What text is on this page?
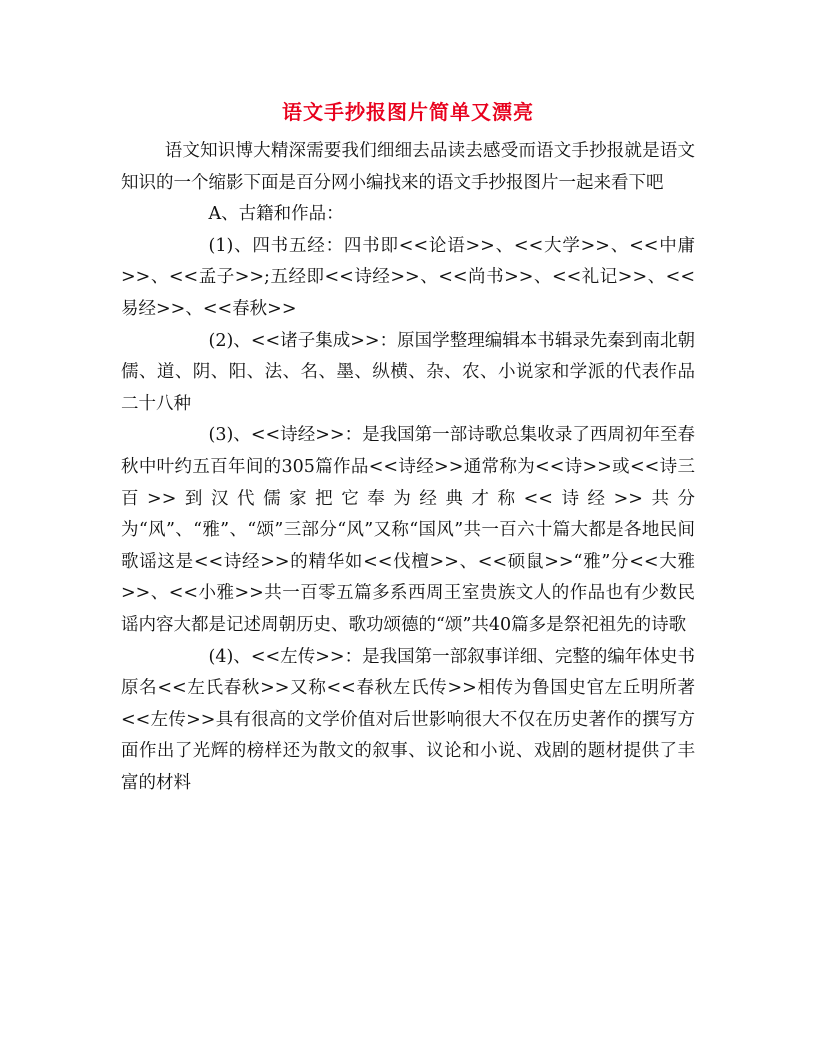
语文手抄报图片简单又漂亮

语文知识博大精深需要我们细细去品读去感受而语文手抄报就是语文知识的一个缩影下面是百分网小编找来的语文手抄报图片一起来看下吧

A、古籍和作品：

(1)、四书五经：四书即<<论语>>、<<大学>>、<<中庸>>、<<孟子>>;五经即<<诗经>>、<<尚书>>、<<礼记>>、<<易经>>、<<春秋>>

(2)、<<诸子集成>>：原国学整理编辑本书辑录先秦到南北朝儒、道、阴、阳、法、名、墨、纵横、杂、农、小说家和学派的代表作品二十八种

(3)、<<诗经>>：是我国第一部诗歌总集收录了西周初年至春秋中叶约五百年间的305篇作品<<诗经>>通常称为<<诗>>或<<诗三百>>到汉代儒家把它奉为经典才称<<诗经>>共分为“风”、“雅”、“颂”三部分“风”又称“国风”共一百六十篇大都是各地民间歌谣这是<<诗经>>的精华如<<伐檀>>、<<硕鼠>>“雅”分<<大雅>>、<<小雅>>共一百零五篇多系西周王室贵族文人的作品也有少数民谣内容大都是记述周朝历史、歌功颂德的“颂”共40篇多是祭祀祖先的诗歌

(4)、<<左传>>：是我国第一部叙事详细、完整的编年体史书原名<<左氏春秋>>又称<<春秋左氏传>>相传为鲁国史官左丘明所著<<左传>>具有很高的文学价值对后世影响很大不仅在历史著作的撰写方面作出了光辉的榜样还为散文的叙事、议论和小说、戏剧的题材提供了丰富的材料
